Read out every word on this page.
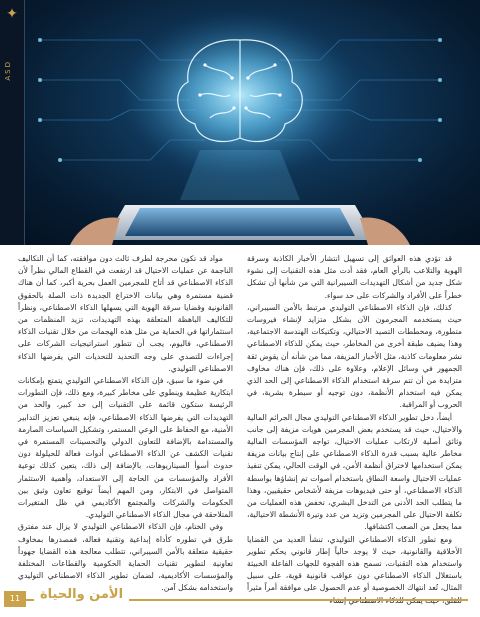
✦
ASD

قد تؤدي هذه العوائق إلى تسهيل انتشار الأخبار الكاذبة وسرقة الهوية والتلاعب بالرأي العام، فقد أدت مثل هذه التقنيات إلى نشوء شكل جديد من أشكال التهديدات السيبرانية التي من شأنها أن تشكل خطراً على الأفراد والشركات على حد سواء.

كذلك، فإن الذكاء الاصطناعي التوليدي مرتبط بالأمن السيبراني، حيث يستخدمه المجرمون الآن بشكل متزايد لإنشاء فيروسات متطورة، ومخططات التصيد الاحتيالي، وتكتيكات الهندسة الاجتماعية، وهذا يضيف طبقة أخرى من المخاطر، حيث يمكن للذكاء الاصطناعي نشر معلومات كاذبة، مثل الأخبار المزيفة، مما من شأنه أن يقوض ثقة الجمهور في وسائل الإعلام، وعلاوة على ذلك، فإن هناك مخاوف متزايدة من أن تتم سرقة استخدام الذكاء الاصطناعي إلى الحد الذي يمكن فيه استخدام الأنظمة، دون توجيه أو سيطرة بشرية، في الحروب أو المراقبة.

أيضاً، دخل تطوير الذكاء الاصطناعي التوليدي مجال الجرائم المالية والاحتيال، حيث قد يستخدم بعض المجرمين هويات مزيفة إلى جانب وثائق أصلية لارتكاب عمليات الاحتيال، تواجه المؤسسات المالية مخاطر عالية بسبب قدرة الذكاء الاصطناعي على إنتاج بيانات مزيفة يمكن استخدامها لاختراق أنظمة الأمن، في الوقت الحالي، يمكن تنفيذ عمليات الاحتيال واسعة النطاق باستخدام أصوات تم إنشاؤها بواسطة الذكاء الاصطناعي، أو حتى فيديوهات مزيفة لأشخاص حقيقيين، وهذا ما يتطلب الحد الأدنى من التدخل البشري، تخفض هذه العمليات من تكلفة الاحتيال على المجرمين وتزيد من عدد وتيرة الأنشطة الاحتيالية، مما يجعل من الصعب اكتشافها.

ومع تطور الذكاء الاصطناعي التوليدي، تنشأ العديد من القضايا الأخلاقية والقانونية، حيث لا يوجد حالياً إطار قانوني يحكم تطوير واستخدام هذه التقنيات، تسمح هذه الفجوة للجهات الفاعلة الخبيثة باستغلال الذكاء الاصطناعي دون عواقب قانونية قوية، على سبيل المثال، تُعد انتهاك الخصوصية أو عدم الحصول على موافقة أمراً مثيراً

مواد قد تكون محرجة لطرف ثالث دون موافقته، كما أن التكاليف الناجمة عن عمليات الاحتيال قد ارتفعت في القطاع المالي نظراً لأن الذكاء الاصطناعي قد أتاح للمجرمين العمل بحرية أكبر، كما أن هناك قضية مستمرة وهي بيانات الاختراع الجديدة ذات الصلة بالحقوق القانونية وقضايا سرقة الهوية التي يسهلها الذكاء الاصطناعي، ونظراً للتكاليف الباهظة المتعلقة بهذه التهديدات، تزيد المنظمات من استثماراتها في الحماية من مثل هذه الهجمات من خلال تقنيات الذكاء الاصطناعي، فاليوم، يجب أن تتطور استراتيجيات الشركات على إجراءات للتصدي على وجه التحديد للتحديات التي يفرضها الذكاء الاصطناعي التوليدي.

في ضوء ما سبق، فإن الذكاء الاصطناعي التوليدي يتمتع بإمكانات ابتكارية عظيمة وينطوي على مخاطر كبيرة، ومع ذلك، فإن التطورات الرئيسة ستكون قائمة على التقنيات إلى حد كبير، والحد من التهديدات التي يفرضها الذكاء الاصطناعي، فإنه ينبغي تعزيز التدابير الأمنية، مع الحفاظ على الوعي المستمر، وتشكيل السياسات الصارمة والمستدامة بالإضافة للتعاون الدولي والتحسينات المستمرة في تقنيات الكشف عن الذكاء الاصطناعي أدوات فعالة للحيلولة دون حدوث أسوأ السيناريوهات، بالإضافة إلى ذلك، يتعين كذلك توعية الأفراد والمؤسسات من الحاجة إلى الاستعداد، وأهمية الاستثمار المتواصل في الابتكار، ومن المهم أيضاً توقيع تعاون وثيق بين الحكومات والشركات والمجتمع الأكاديمي في ظل المتغيرات المتلاحقة في مجال الذكاء الاصطناعي التوليدي.

وفي الختام، فإن الذكاء الاصطناعي التوليدي لا يزال عند مفترق طرق في تطوره كأداة إبداعية وتقنية فعالة، فمصدرها بمخاوف حقيقية متعلقة بالأمن السيبراني، تتطلب معالجة هذه القضايا جهوداً تعاونية لتطوير تقنيات الحماية الحكومية والقطاعات المختلفة والمؤسسات الأكاديمية، لضمان تطوير الذكاء الاصطناعي التوليدي واستخدامه بشكل آمن.

11	الأمن والحياة
